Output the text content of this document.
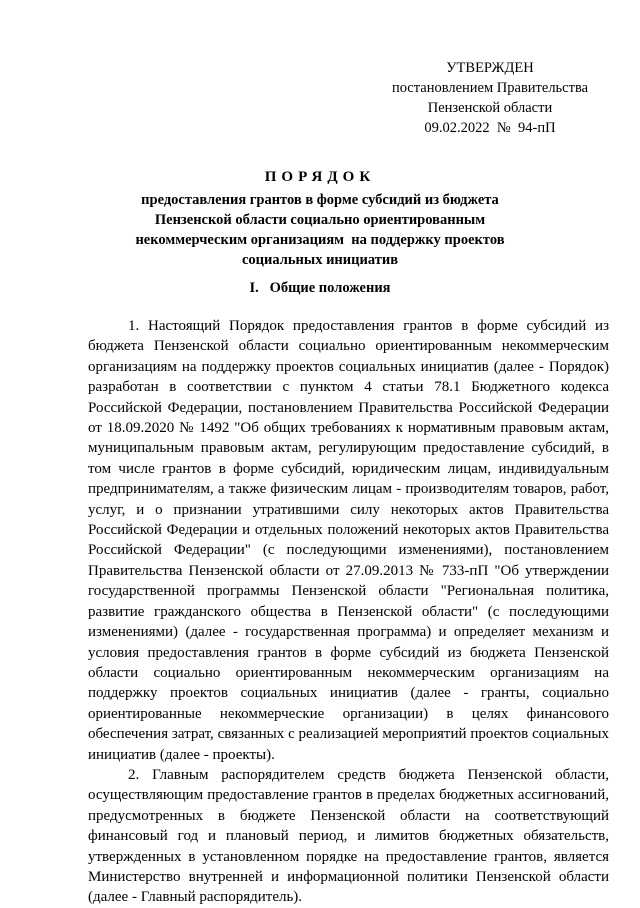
УТВЕРЖДЕН
постановлением Правительства
Пензенской области
09.02.2022  №  94-пП
ПОРЯДОК
предоставления грантов в форме субсидий из бюджета
Пензенской области социально ориентированным
некоммерческим организациям  на поддержку проектов
социальных инициатив
I.   Общие положения

1. Настоящий Порядок предоставления грантов в форме субсидий из бюджета Пензенской области социально ориентированным некоммерческим организациям на поддержку проектов социальных инициатив (далее - Порядок) разработан в соответствии с пунктом 4 статьи 78.1 Бюджетного кодекса Российской Федерации, постановлением Правительства Российской Федерации от 18.09.2020 № 1492 "Об общих требованиях к нормативным правовым актам, муниципальным правовым актам, регулирующим предоставление субсидий, в том числе грантов в форме субсидий, юридическим лицам, индивидуальным предпринимателям, а также физическим лицам - производителям товаров, работ, услуг, и о признании утратившими силу некоторых актов Правительства Российской Федерации и отдельных положений некоторых актов Правительства Российской Федерации" (с последующими изменениями), постановлением Правительства Пензенской области от 27.09.2013 № 733-пП "Об утверждении государственной программы Пензенской области "Региональная политика, развитие гражданского общества в Пензенской области" (с последующими изменениями) (далее - государственная программа) и определяет механизм и условия предоставления грантов в форме субсидий из бюджета Пензенской области социально ориентированным некоммерческим организациям на поддержку проектов социальных инициатив (далее - гранты, социально ориентированные некоммерческие организации) в целях финансового обеспечения затрат, связанных с реализацией мероприятий проектов социальных инициатив (далее - проекты).

2. Главным распорядителем средств бюджета Пензенской области, осуществляющим предоставление грантов в пределах бюджетных ассигнований, предусмотренных в бюджете Пензенской области на соответствующий финансовый год и плановый период, и лимитов бюджетных обязательств, утвержденных в установленном порядке на предоставление грантов, является Министерство внутренней и информационной политики Пензенской области (далее - Главный распорядитель).
